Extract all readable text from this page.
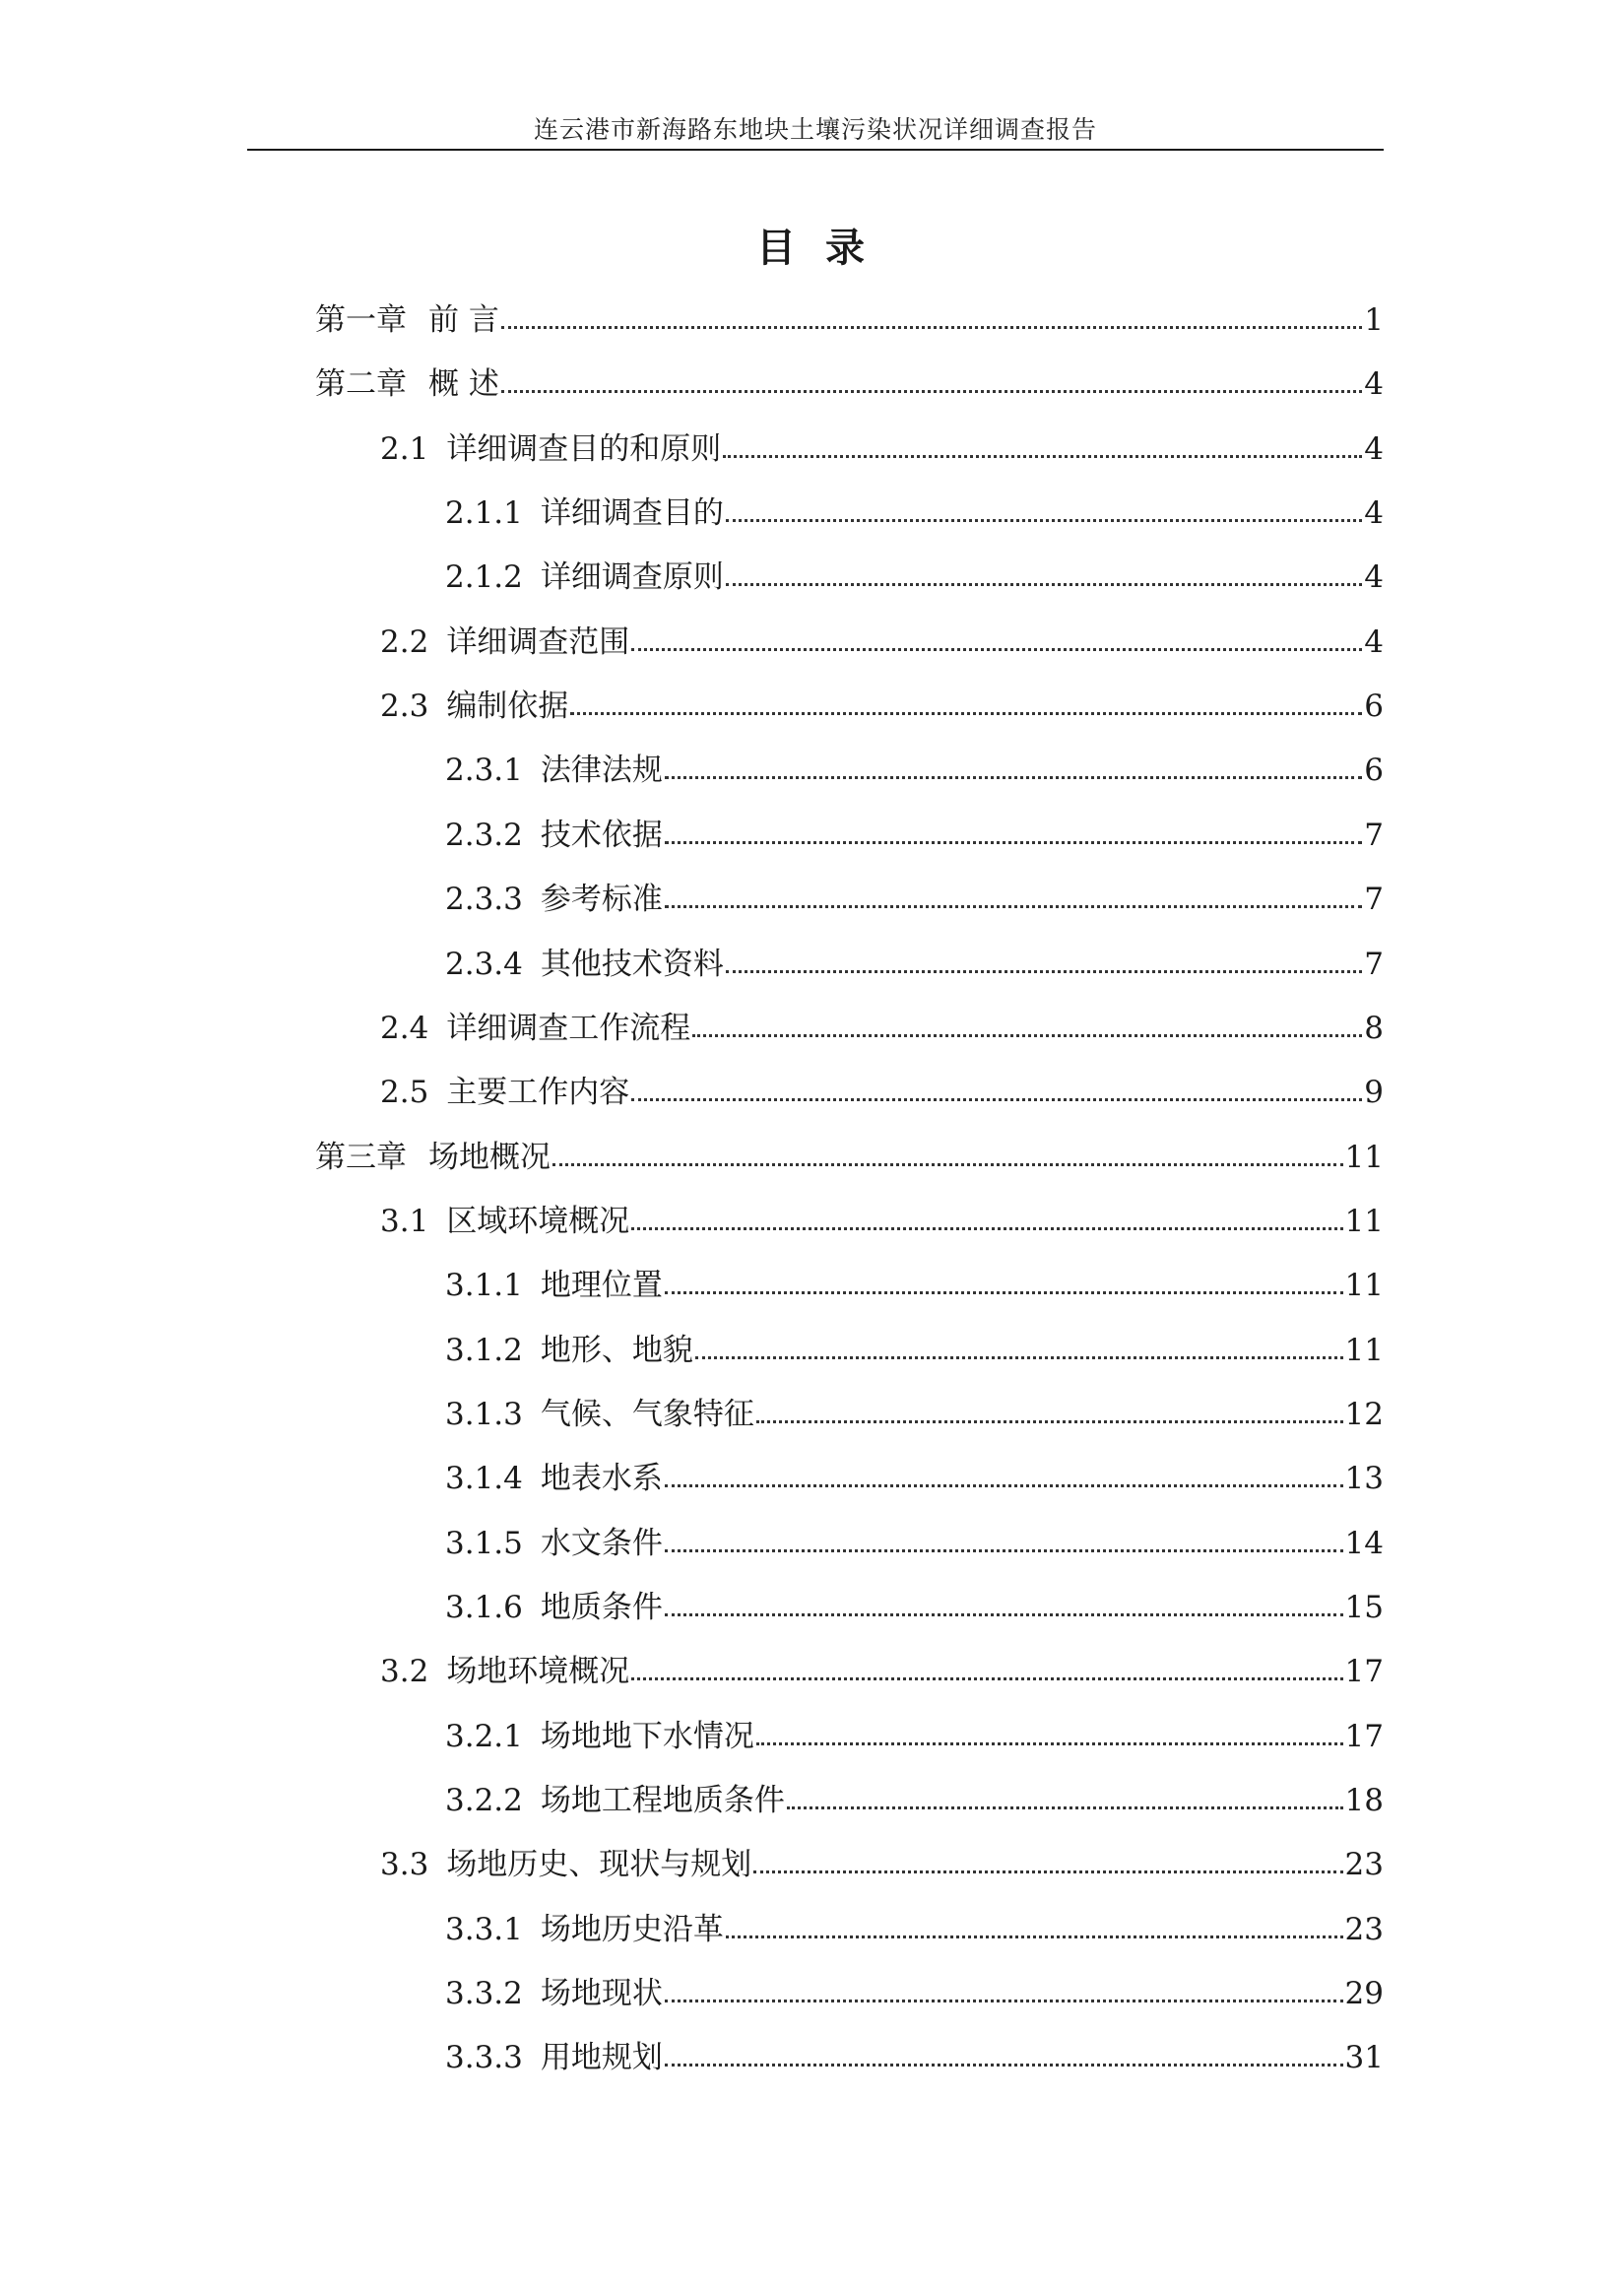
连云港市新海路东地块土壤污染状况详细调查报告
目录
第一章 前 言	1
第二章 概 述	4
2.1 详细调查目的和原则	4
2.1.1 详细调查目的	4
2.1.2 详细调查原则	4
2.2 详细调查范围	4
2.3 编制依据	6
2.3.1 法律法规	6
2.3.2 技术依据	7
2.3.3 参考标准	7
2.3.4 其他技术资料	7
2.4 详细调查工作流程	8
2.5 主要工作内容	9
第三章 场地概况	11
3.1 区域环境概况	11
3.1.1 地理位置	11
3.1.2 地形、地貌	11
3.1.3 气候、气象特征	12
3.1.4 地表水系	13
3.1.5 水文条件	14
3.1.6 地质条件	15
3.2 场地环境概况	17
3.2.1 场地地下水情况	17
3.2.2 场地工程地质条件	18
3.3 场地历史、现状与规划	23
3.3.1 场地历史沿革	23
3.3.2 场地现状	29
3.3.3 用地规划	31
